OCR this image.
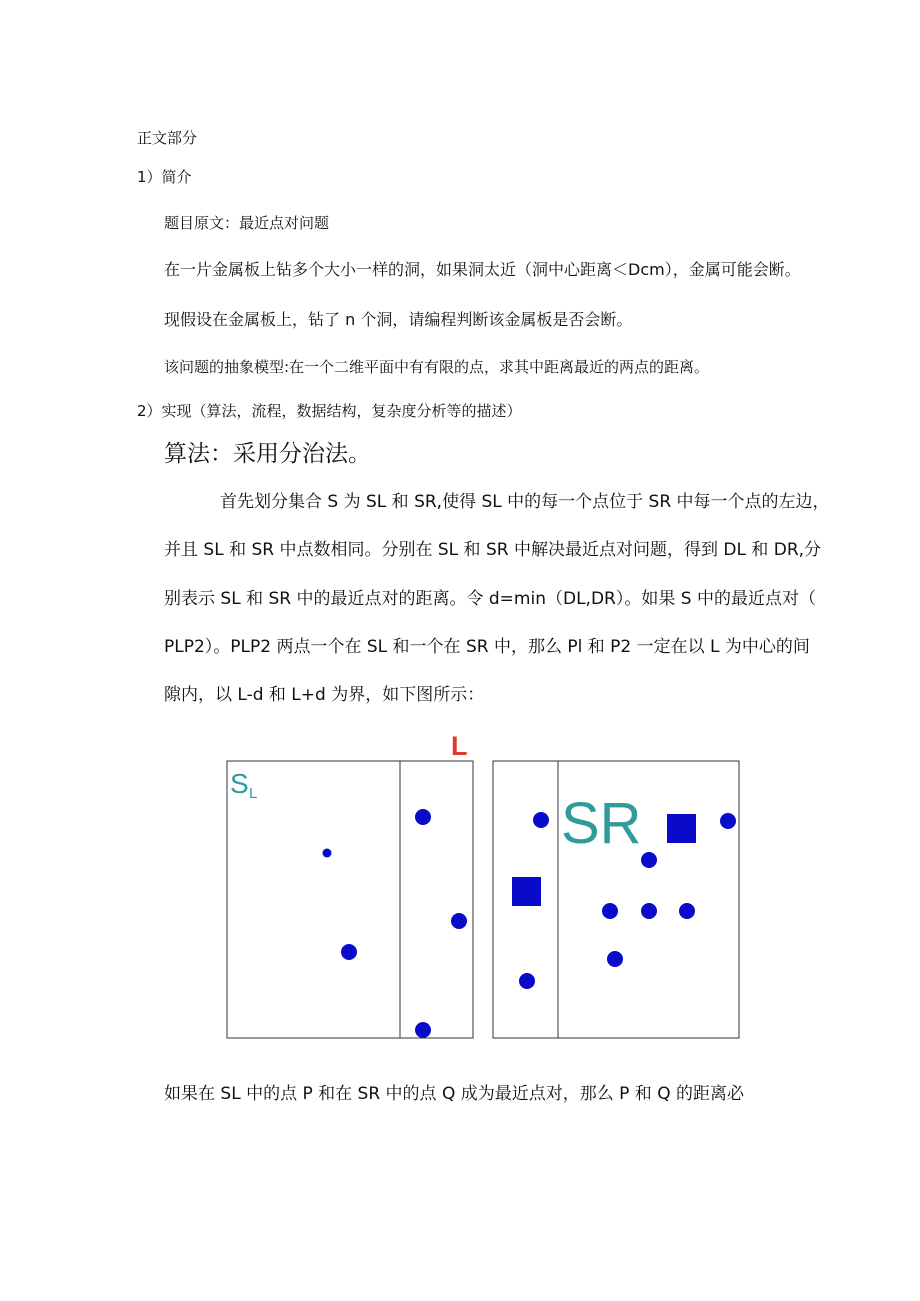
正文部分
1）简介
题目原文：最近点对问题
在一片金属板上钻多个大小一样的洞，如果洞太近（洞中心距离＜Dcm），金属可能会断。
现假设在金属板上，钻了 n 个洞，请编程判断该金属板是否会断。
该问题的抽象模型:在一个二维平面中有有限的点，求其中距离最近的两点的距离。
2）实现（算法，流程，数据结构，复杂度分析等的描述）
算法：采用分治法。
首先划分集合 S 为 SL 和 SR,使得 SL 中的每一个点位于 SR 中每一个点的左边，
并且 SL 和 SR 中点数相同。分别在 SL 和 SR 中解决最近点对问题，得到 DL 和 DR,分
别表示 SL 和 SR 中的最近点对的距离。令 d=min（DL,DR）。如果 S 中的最近点对（
PLP2）。PLP2 两点一个在 SL 和一个在 SR 中，那么 Pl 和 P2 一定在以 L 为中心的间
隙内，以 L-d 和 L+d 为界，如下图所示：
L
S L	SR
如果在 SL 中的点 P 和在 SR 中的点 Q 成为最近点对，那么 P 和 Q 的距离必
